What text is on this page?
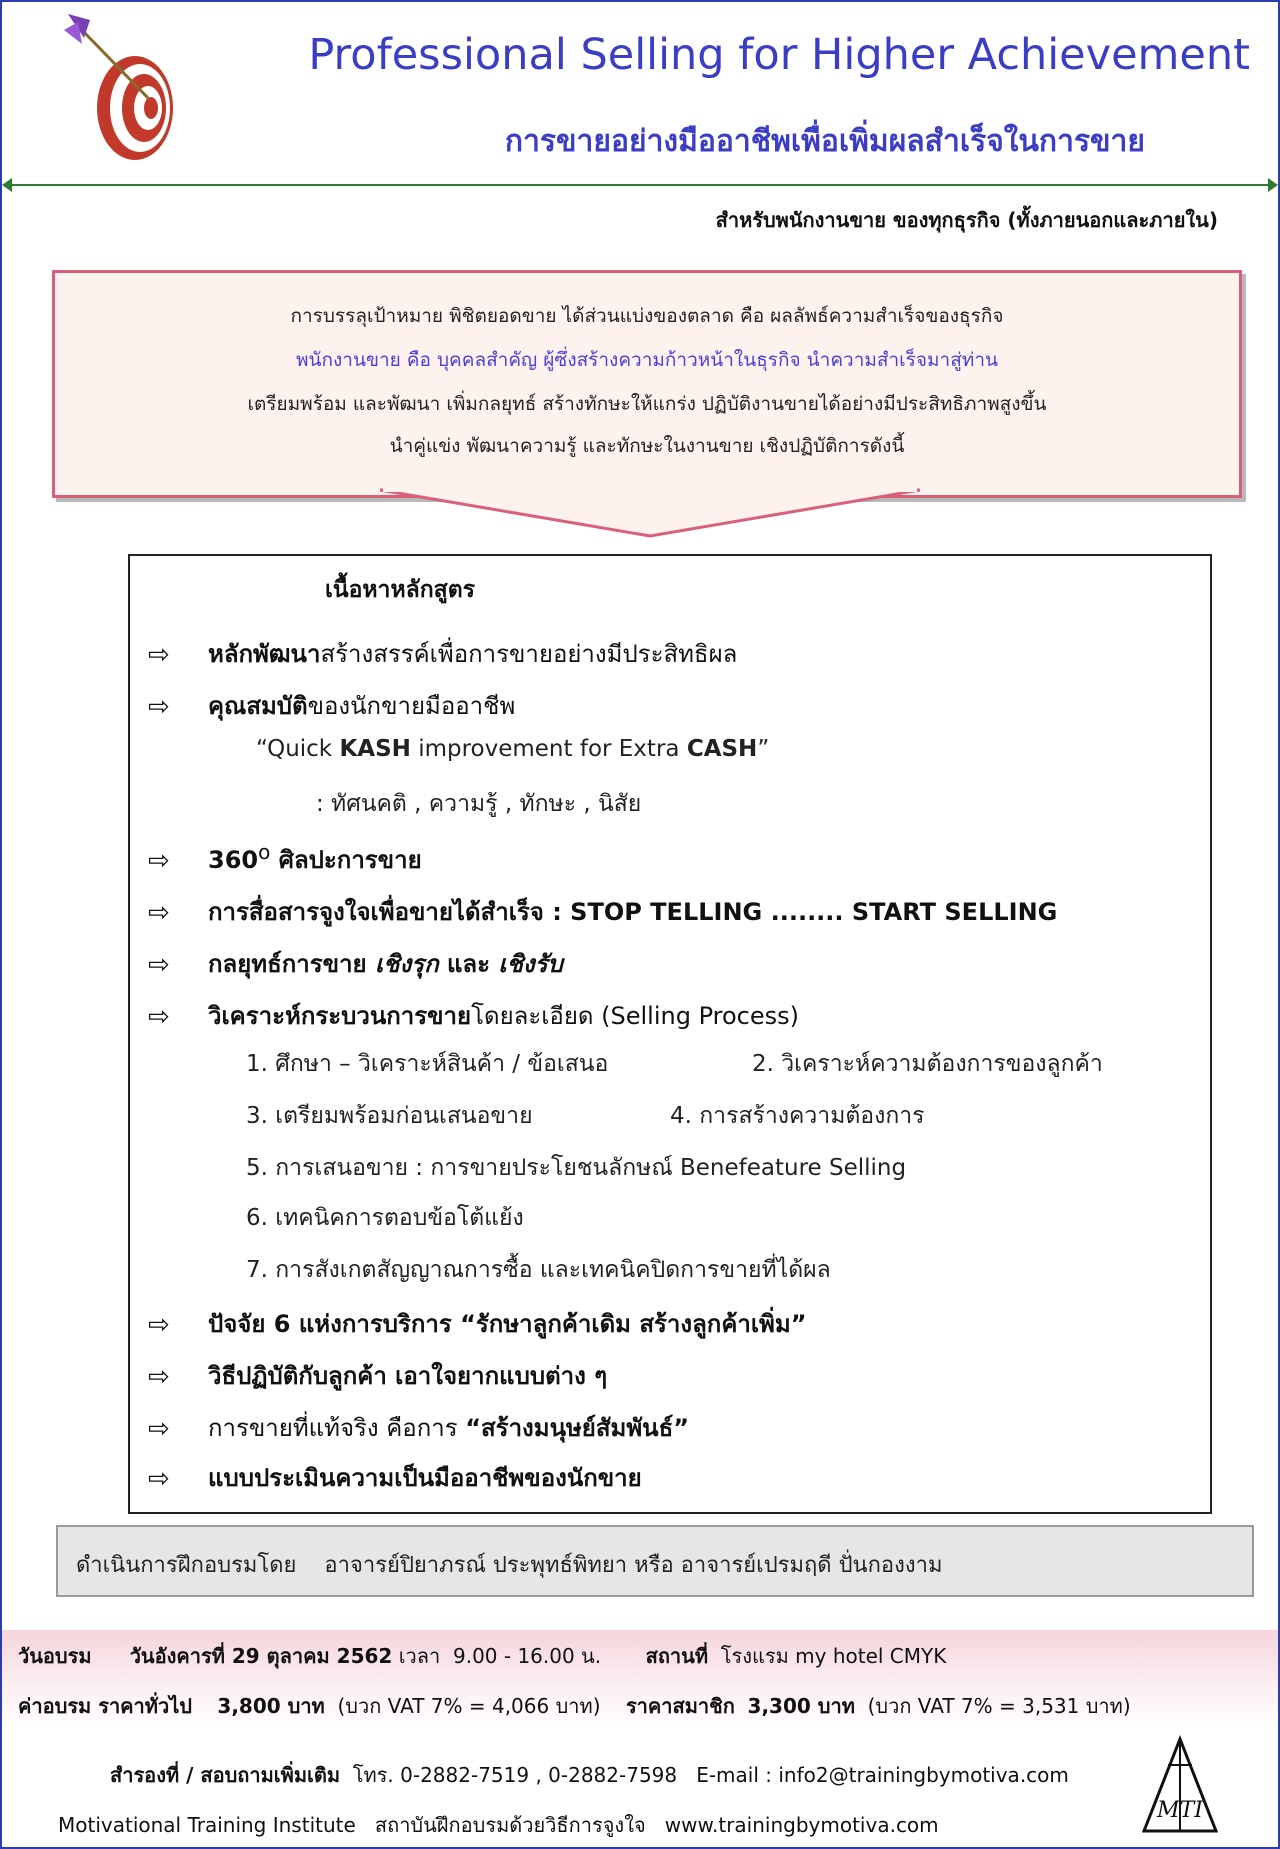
Professional Selling for Higher Achievement
การขายอย่างมืออาชีพเพื่อเพิ่มผลสำเร็จในการขาย
สำหรับพนักงานขาย ของทุกธุรกิจ (ทั้งภายนอกและภายใน)
การบรรลุเป้าหมาย พิชิตยอดขาย ได้ส่วนแบ่งของตลาด คือ ผลลัพธ์ความสำเร็จของธุรกิจ
พนักงานขาย คือ บุคคลสำคัญ ผู้ซึ่งสร้างความก้าวหน้าในธุรกิจ นำความสำเร็จมาสู่ท่าน
เตรียมพร้อม และพัฒนา เพิ่มกลยุทธ์ สร้างทักษะให้แกร่ง ปฏิบัติงานขายได้อย่างมีประสิทธิภาพสูงขึ้น
นำคู่แข่ง พัฒนาความรู้ และทักษะในงานขาย เชิงปฏิบัติการดังนี้
เนื้อหาหลักสูตร
⇨ หลักพัฒนาสร้างสรรค์เพื่อการขายอย่างมีประสิทธิผล
⇨ คุณสมบัติของนักขายมืออาชีพ
“Quick KASH improvement for Extra CASH”
: ทัศนคติ , ความรู้ , ทักษะ , นิสัย
⇨ 360$^o$ ศิลปะการขาย
⇨ การสื่อสารจูงใจเพื่อขายได้สำเร็จ : STOP TELLING ........ START SELLING
⇨ กลยุทธ์การขาย เชิงรุก และ เชิงรับ
⇨ วิเคราะห์กระบวนการขายโดยละเอียด (Selling Process)
1. ศึกษา – วิเคราะห์สินค้า / ข้อเสนอ	2. วิเคราะห์ความต้องการของลูกค้า
3. เตรียมพร้อมก่อนเสนอขาย	4. การสร้างความต้องการ
5. การเสนอขาย : การขายประโยชนลักษณ์ Benefeature Selling
6. เทคนิคการตอบข้อโต้แย้ง
7. การสังเกตสัญญาณการซื้อ และเทคนิคปิดการขายที่ได้ผล
⇨ ปัจจัย 6 แห่งการบริการ “รักษาลูกค้าเดิม สร้างลูกค้าเพิ่ม”
⇨ วิธีปฏิบัติกับลูกค้า เอาใจยากแบบต่าง ๆ
⇨ การขายที่แท้จริง คือการ “สร้างมนุษย์สัมพันธ์”
⇨ แบบประเมินความเป็นมืออาชีพของนักขาย
ดำเนินการฝึกอบรมโดย อาจารย์ปิยาภรณ์ ประพุทธ์พิทยา หรือ อาจารย์เปรมฤดี ปั่นกองงาม
วันอบรม วันอังคารที่ 29 ตุลาคม 2562 เวลา 9.00 - 16.00 น. สถานที่ โรงแรม my hotel CMYK
ค่าอบรม ราคาทั่วไป 3,800 บาท (บวก VAT 7% = 4,066 บาท) ราคาสมาชิก 3,300 บาท (บวก VAT 7% = 3,531 บาท)
สำรองที่ / สอบถามเพิ่มเติม โทร. 0-2882-7519 , 0-2882-7598 E-mail : info2@trainingbymotiva.com
Motivational Training Institute สถาบันฝึกอบรมด้วยวิธีการจูงใจ www.trainingbymotiva.com
MTI
